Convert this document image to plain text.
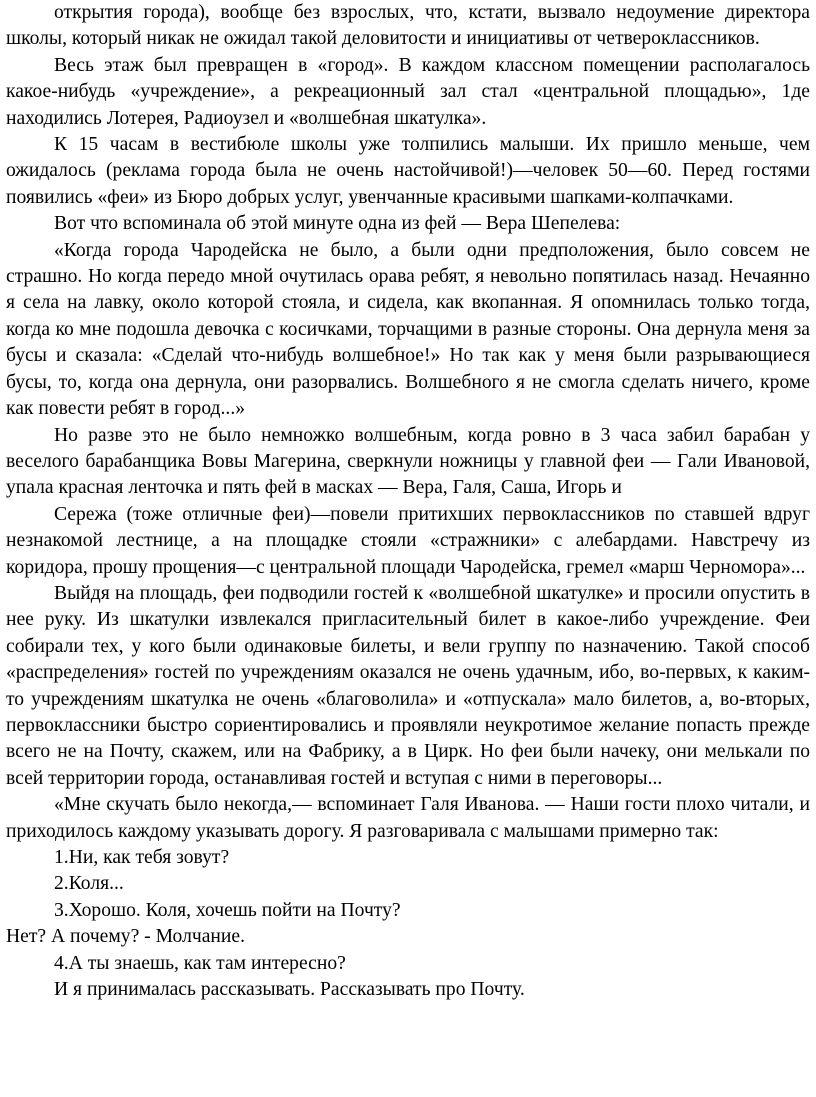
открытия города), вообще без взрослых, что, кстати, вызвало недоумение директора школы, который никак не ожидал такой деловитости и инициативы от четвероклассников.

Весь этаж был превращен в «город». В каждом классном помещении располагалось какое-нибудь «учреждение», а рекреационный зал стал «центральной площадью», 1де находились Лотерея, Радиоузел и «волшебная шкатулка».

К 15 часам в вестибюле школы уже толпились малыши. Их пришло меньше, чем ожидалось (реклама города была не очень настойчивой!)—человек 50—60. Перед гостями появились «феи» из Бюро добрых услуг, увенчанные красивыми шапками-колпачками.

Вот что вспоминала об этой минуте одна из фей — Вера Шепелева:

«Когда города Чародейска не было, а были одни предположения, было совсем не страшно. Но когда передо мной очутилась орава ребят, я невольно попятилась назад. Нечаянно я села на лавку, около которой стояла, и сидела, как вкопанная. Я опомнилась только тогда, когда ко мне подошла девочка с косичками, торчащими в разные стороны. Она дернула меня за бусы и сказала: «Сделай что-нибудь волшебное!» Но так как у меня были разрывающиеся бусы, то, когда она дернула, они разорвались. Волшебного я не смогла сделать ничего, кроме как повести ребят в город...»

Но разве это не было немножко волшебным, когда ровно в 3 часа забил барабан у веселого барабанщика Вовы Магерина, сверкнули ножницы у главной феи — Гали Ивановой, упала красная ленточка и пять фей в масках — Вера, Галя, Саша, Игорь и

Сережа (тоже отличные феи)—повели притихших первоклассников по ставшей вдруг незнакомой лестнице, а на площадке стояли «стражники» с алебардами. Навстречу из коридора, прошу прощения—с центральной площади Чародейска, гремел «марш Черномора»...

Выйдя на площадь, феи подводили гостей к «волшебной шкатулке» и просили опустить в нее руку. Из шкатулки извлекался пригласительный билет в какое-либо учреждение. Феи собирали тех, у кого были одинаковые билеты, и вели группу по назначению. Такой способ «распределения» гостей по учреждениям оказался не очень удачным, ибо, во-первых, к каким-то учреждениям шкатулка не очень «благоволила» и «отпускала» мало билетов, а, во-вторых, первоклассники быстро сориентировались и проявляли неукротимое желание попасть прежде всего не на Почту, скажем, или на Фабрику, а в Цирк. Но феи были начеку, они мелькали по всей территории города, останавливая гостей и вступая с ними в переговоры...

«Мне скучать было некогда,— вспоминает Галя Иванова. — Наши гости плохо читали, и приходилось каждому указывать дорогу. Я разговаривала с малышами примерно так:

1.Ни, как тебя зовут?

2.Коля...

3.Хорошо. Коля, хочешь пойти на Почту?

Нет? А почему? - Молчание.

4.А ты знаешь, как там интересно?

И я принималась рассказывать. Рассказывать про Почту.
